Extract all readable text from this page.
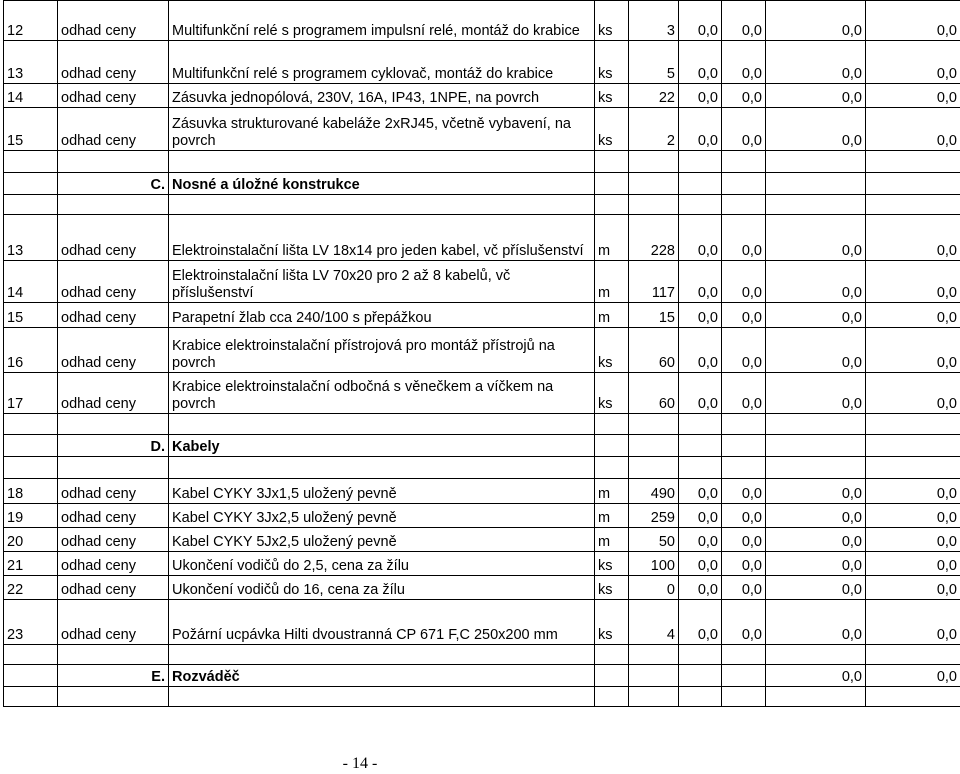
12	odhad ceny	Multifunkční relé s programem impulsní relé, montáž do krabice	ks	3	0,0	0,0	0,0	0,0
13	odhad ceny	Multifunkční relé s programem cyklovač, montáž do krabice	ks	5	0,0	0,0	0,0	0,0
14	odhad ceny	Zásuvka jednopólová, 230V, 16A, IP43, 1NPE, na povrch	ks	22	0,0	0,0	0,0	0,0
15	odhad ceny	Zásuvka strukturované kabeláže 2xRJ45, včetně vybavení, na povrch	ks	2	0,0	0,0	0,0	0,0

	C.	Nosné a úložné konstrukce						

13	odhad ceny	Elektroinstalační lišta LV 18x14 pro jeden kabel, vč příslušenství	m	228	0,0	0,0	0,0	0,0
14	odhad ceny	Elektroinstalační lišta LV 70x20 pro 2 až 8 kabelů, vč příslušenství	m	117	0,0	0,0	0,0	0,0
15	odhad ceny	Parapetní žlab cca 240/100 s přepážkou	m	15	0,0	0,0	0,0	0,0
16	odhad ceny	Krabice elektroinstalační přístrojová pro montáž přístrojů na povrch	ks	60	0,0	0,0	0,0	0,0
17	odhad ceny	Krabice elektroinstalační odbočná s věnečkem a víčkem na povrch	ks	60	0,0	0,0	0,0	0,0

	D.	Kabely						

18	odhad ceny	Kabel CYKY 3Jx1,5 uložený pevně	m	490	0,0	0,0	0,0	0,0
19	odhad ceny	Kabel CYKY 3Jx2,5 uložený pevně	m	259	0,0	0,0	0,0	0,0
20	odhad ceny	Kabel CYKY 5Jx2,5 uložený pevně	m	50	0,0	0,0	0,0	0,0
21	odhad ceny	Ukončení vodičů do 2,5, cena za žílu	ks	100	0,0	0,0	0,0	0,0
22	odhad ceny	Ukončení vodičů do 16, cena za žílu	ks	0	0,0	0,0	0,0	0,0
23	odhad ceny	Požární ucpávka Hilti dvoustranná CP 671 F,C 250x200 mm	ks	4	0,0	0,0	0,0	0,0

	E.	Rozváděč					0,0	0,0

- 14 -
